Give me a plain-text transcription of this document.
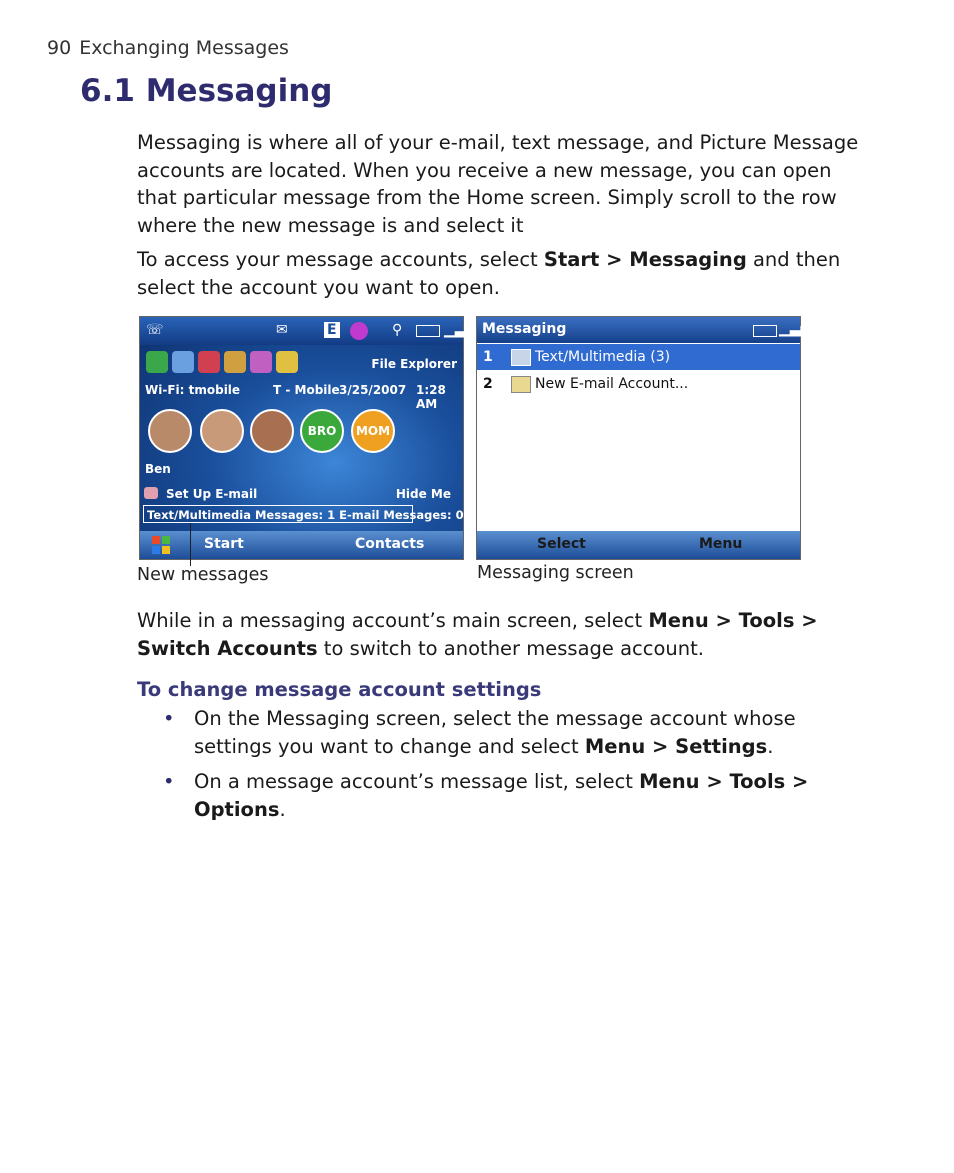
90 Exchanging Messages
6.1 Messaging

Messaging is where all of your e-mail, text message, and Picture Message accounts are located. When you receive a new message, you can open that particular message from the Home screen. Simply scroll to the row where the new message is and select it

To access your message accounts, select Start > Messaging and then select the account you want to open.

☏	✉	E	⚲	▁▃▅
File Explorer
Wi-Fi: tmobile	T - Mobile 3/25/2007 1:28 AM
BRO	MOM
Ben
Set Up E-mail	Hide Me
Text/Multimedia Messages: 1 E-mail Messages: 0
Start	Contacts
Messaging	▁▃▅
1	Text/Multimedia (3)
2	New E-mail Account...
Select	Menu
New messages	Messaging screen

While in a messaging account’s main screen, select Menu > Tools > Switch Accounts to switch to another message account.

To change message account settings
• On the Messaging screen, select the message account whose settings you want to change and select Menu > Settings.
• On a message account’s message list, select Menu > Tools > Options.
